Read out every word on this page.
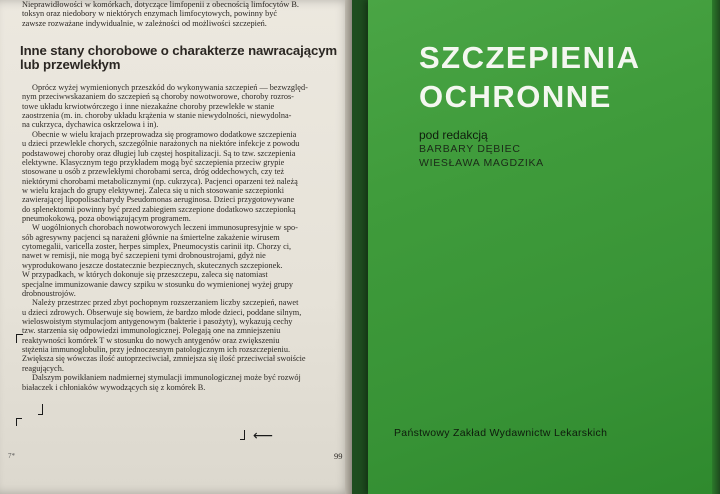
Nieprawidłowości w komórkach, dotyczące limfopenii z obecnością limfocytów B.
toksyn oraz niedobory w niektórych enzymach limfocytowych, powinny być
zawsze rozważane indywidualnie, w zależności od możliwości szczepień.
Inne stany chorobowe o charakterze nawracającym
lub przewlekłym

Oprócz wyżej wymienionych przeszkód do wykonywania szczepień — bezwzględ-
nym przeciwwskazaniem do szczepień są choroby nowotworowe, choroby rozros-
towe układu krwiotwórczego i inne niezakaźne choroby przewlekłe w stanie
zaostrzenia (m. in. choroby układu krążenia w stanie niewydolności, niewydolna-
na cukrzyca, dychawica oskrzelowa i in).

Obecnie w wielu krajach przeprowadza się programowo dodatkowe szczepienia
u dzieci przewlekle chorych, szczególnie narażonych na niektóre infekcje z powodu
podstawowej choroby oraz długiej lub częstej hospitalizacji. Są to tzw. szczepienia
elektywne. Klasycznym tego przykładem mogą być szczepienia przeciw grypie
stosowane u osób z przewlekłymi chorobami serca, dróg oddechowych, czy też
niektórymi chorobami metabolicznymi (np. cukrzyca). Pacjenci oparzeni też należą
w wielu krajach do grupy elektywnej. Zaleca się u nich stosowanie szczepionki
zawierającej lipopolisacharydy Pseudomonas aeruginosa. Dzieci przygotowywane
do splenektomii powinny być przed zabiegiem szczepione dodatkowo szczepionką
pneumokokową, poza obowiązującym programem.

W uogólnionych chorobach nowotworowych leczeni immunosupresyjnie w spo-
sób agresywny pacjenci są narażeni głównie na śmiertelne zakażenie wirusem
cytomegalii, varicella zoster, herpes simplex, Pneumocystis carinii itp. Chorzy ci,
nawet w remisji, nie mogą być szczepieni tymi drobnoustrojami, gdyż nie
wyprodukowano jeszcze dostatecznie bezpiecznych, skutecznych szczepionek.
W przypadkach, w których dokonuje się przeszczepu, zaleca się natomiast
specjalne immunizowanie dawcy szpiku w stosunku do wymienionej wyżej grupy
drobnoustrojów.

Należy przestrzec przed zbyt pochopnym rozszerzaniem liczby szczepień, nawet
u dzieci zdrowych. Obserwuje się bowiem, że bardzo młode dzieci, poddane silnym,
wieloswoistym stymulacjom antygenowym (bakterie i pasożyty), wykazują cechy
tzw. starzenia się odpowiedzi immunologicznej. Polegają one na zmniejszeniu
reaktywności komórek T w stosunku do nowych antygenów oraz zwiększeniu
stężenia immunoglobulin, przy jednoczesnym patologicznym ich rozszczepieniu.
Zwiększa się wówczas ilość autoprzeciwciał, zmniejsza się ilość przeciwciał swoiście
reagujących.

Dalszym powikłaniem nadmiernej stymulacji immunologicznej może być rozwój
białaczek i chłoniaków wywodzących się z komórek B.

⟵
7*	99
SZCZEPIENIA
OCHRONNE
pod redakcją
BARBARY DĘBIEC
WIESŁAWA MAGDZIKA
Państwowy Zakład Wydawnictw Lekarskich
